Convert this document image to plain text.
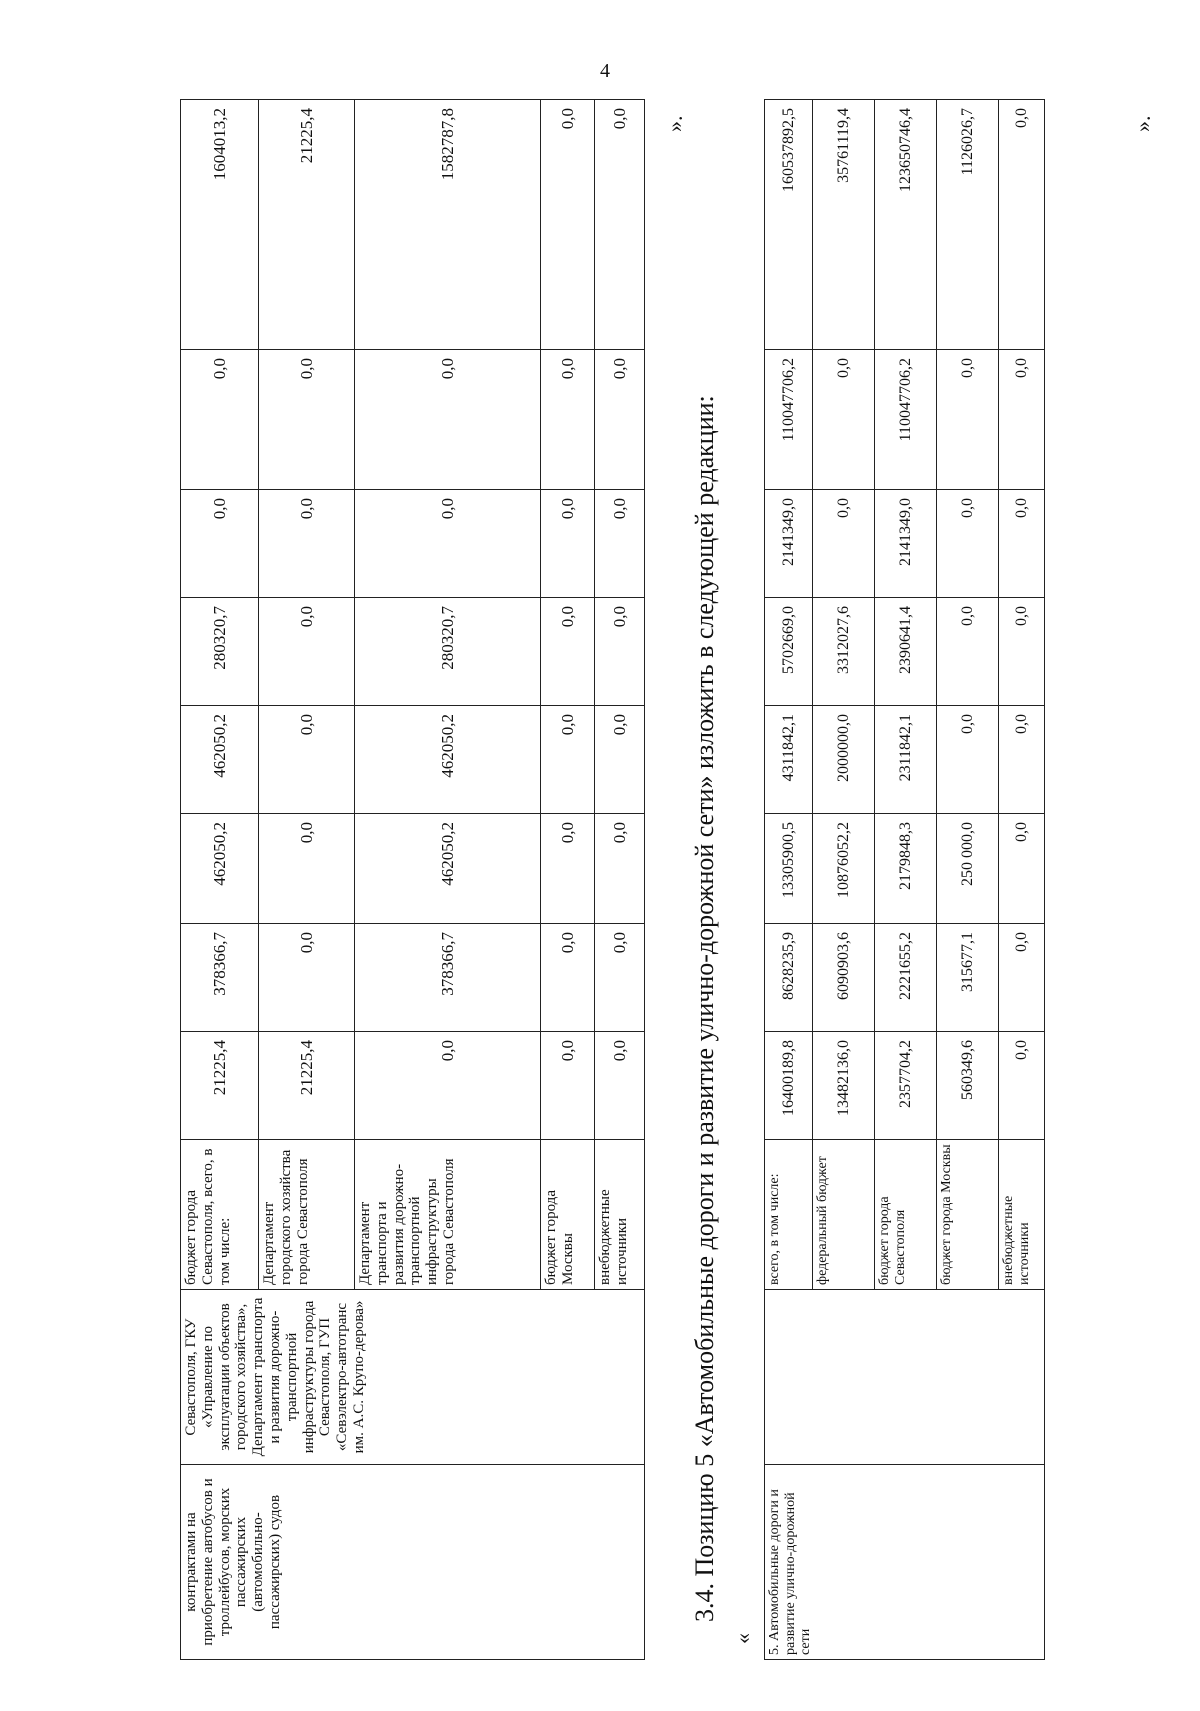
4
контрактами на приобретение автобусов и троллейбусов, морских пассажирских (автомобильно-пассажирских) судов	Севастополя, ГКУ «Управление по эксплуатации объектов городского хозяйства», Департамент транспорта и развития дорожно-транспортной инфраструктуры города Севастополя, ГУП «Севэлектро-автотранс им. А.С. Крупо-дерова»	бюджет города Севастополя, всего, в том числе:	21225,4	378366,7	462050,2	462050,2	280320,7	0,0	0,0	1604013,2
		Департамент городского хозяйства города Севастополя	21225,4	0,0	0,0	0,0	0,0	0,0	0,0	21225,4
		Департамент транспорта и развития дорожно-транспортной инфраструктуры города Севастополя	0,0	378366,7	462050,2	462050,2	280320,7	0,0	0,0	1582787,8
		бюджет города Москвы	0,0	0,0	0,0	0,0	0,0	0,0	0,0	0,0
		внебюджетные источники	0,0	0,0	0,0	0,0	0,0	0,0	0,0	0,0 ».
3.4. Позицию 5 «Автомобильные дороги и развитие улично-дорожной сети» изложить в следующей редакции:
« 5. Автомобильные дороги и развитие улично-дорожной сети		всего, в том числе:	16400189,8	8628235,9	13305900,5	4311842,1	5702669,0	2141349,0	110047706,2	160537892,5
		федеральный бюджет	13482136,0	6090903,6	10876052,2	2000000,0	3312027,6	0,0	0,0	35761119,4
		бюджет города Севастополя	2357704,2	2221655,2	2179848,3	2311842,1	2390641,4	2141349,0	110047706,2	123650746,4
		бюджет города Москвы	560349,6	315677,1	250 000,0	0,0	0,0	0,0	0,0	1126026,7
		внебюджетные источники	0,0	0,0	0,0	0,0	0,0	0,0	0,0	0,0	».
